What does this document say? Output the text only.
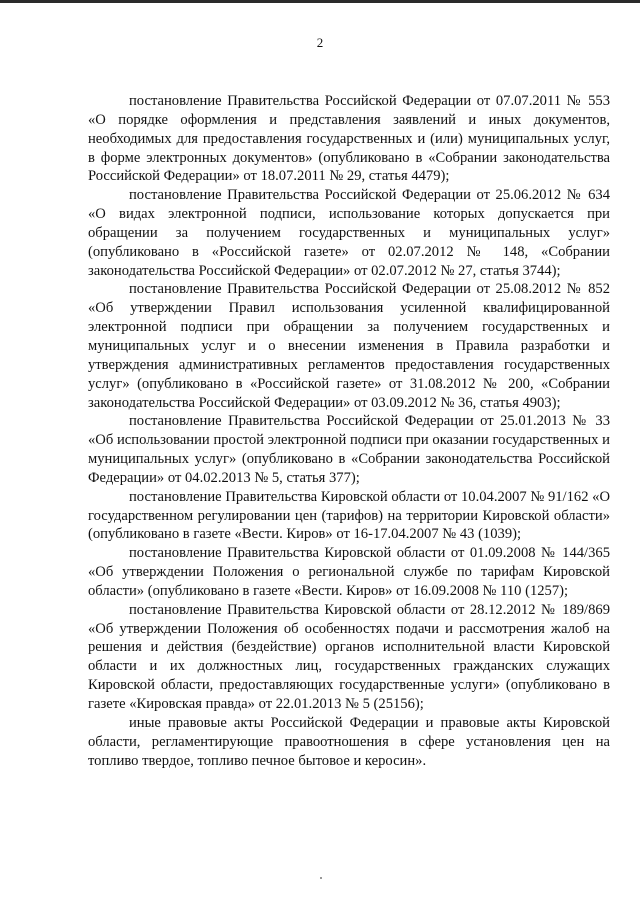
2

постановление Правительства Российской Федерации от 07.07.2011 № 553 «О порядке оформления и представления заявлений и иных документов, необходимых для предоставления государственных и (или) муниципальных услуг, в форме электронных документов» (опубликовано в «Собрании законодательства Российской Федерации» от 18.07.2011 № 29, статья 4479);

постановление Правительства Российской Федерации от 25.06.2012 № 634 «О видах электронной подписи, использование которых допускается при обращении за получением государственных и муниципальных услуг» (опубликовано в «Российской газете» от 02.07.2012 № 148, «Собрании законодательства Российской Федерации» от 02.07.2012 № 27, статья 3744);

постановление Правительства Российской Федерации от 25.08.2012 № 852 «Об утверждении Правил использования усиленной квалифицированной электронной подписи при обращении за получением государственных и муниципальных услуг и о внесении изменения в Правила разработки и утверждения административных регламентов предоставления государственных услуг» (опубликовано в «Российской газете» от 31.08.2012 № 200, «Собрании законодательства Российской Федерации» от 03.09.2012 № 36, статья 4903);

постановление Правительства Российской Федерации от 25.01.2013 № 33 «Об использовании простой электронной подписи при оказании государственных и муниципальных услуг» (опубликовано в «Собрании законодательства Российской Федерации» от 04.02.2013 № 5, статья 377);

постановление Правительства Кировской области от 10.04.2007 № 91/162 «О государственном регулировании цен (тарифов) на территории Кировской области» (опубликовано в газете «Вести. Киров» от 16-17.04.2007 № 43 (1039);

постановление Правительства Кировской области от 01.09.2008 № 144/365 «Об утверждении Положения о региональной службе по тарифам Кировской области» (опубликовано в газете «Вести. Киров» от 16.09.2008 № 110 (1257);

постановление Правительства Кировской области от 28.12.2012 № 189/869 «Об утверждении Положения об особенностях подачи и рассмотрения жалоб на решения и действия (бездействие) органов исполнительной власти Кировской области и их должностных лиц, государственных гражданских служащих Кировской области, предоставляющих государственные услуги» (опубликовано в газете «Кировская правда» от 22.01.2013 № 5 (25156);

иные правовые акты Российской Федерации и правовые акты Кировской области, регламентирующие правоотношения в сфере установления цен на топливо твердое, топливо печное бытовое и керосин».
